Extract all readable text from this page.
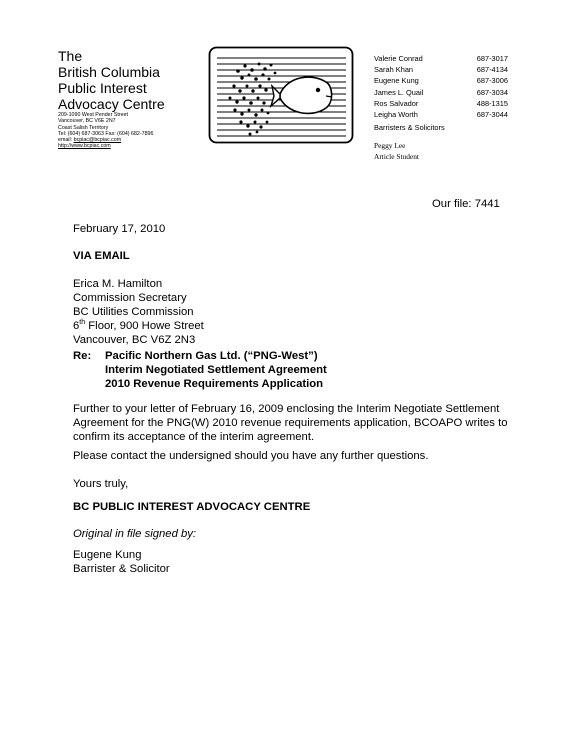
The
British Columbia
Public Interest
Advocacy Centre
209-1090 West Pender Street
Vancouver, BC V6E 2N7
Coast Salish Territory
Tel: (604) 687-3063 Fax: (604) 682-7896
email: bcpiac@bcpiac.com
http://www.bcpiac.com
Valerie Conrad	687-3017
Sarah Khan	687-4134
Eugene Kung	687-3006
James L. Quail	687-3034
Ros Salvador	488-1315
Leigha Worth	687-3044
Barristers & Solicitors
Peggy Lee
Article Student
Our file: 7441
February 17, 2010
VIA EMAIL
Erica M. Hamilton
Commission Secretary
BC Utilities Commission
6th Floor, 900 Howe Street
Vancouver, BC V6Z 2N3
Re: Pacific Northern Gas Ltd. (“PNG-West”)
Interim Negotiated Settlement Agreement
2010 Revenue Requirements Application
Further to your letter of February 16, 2009 enclosing the Interim Negotiate Settlement
Agreement for the PNG(W) 2010 revenue requirements application, BCOAPO writes to
confirm its acceptance of the interim agreement.
Please contact the undersigned should you have any further questions.
Yours truly,
BC PUBLIC INTEREST ADVOCACY CENTRE
Original in file signed by:
Eugene Kung
Barrister & Solicitor
